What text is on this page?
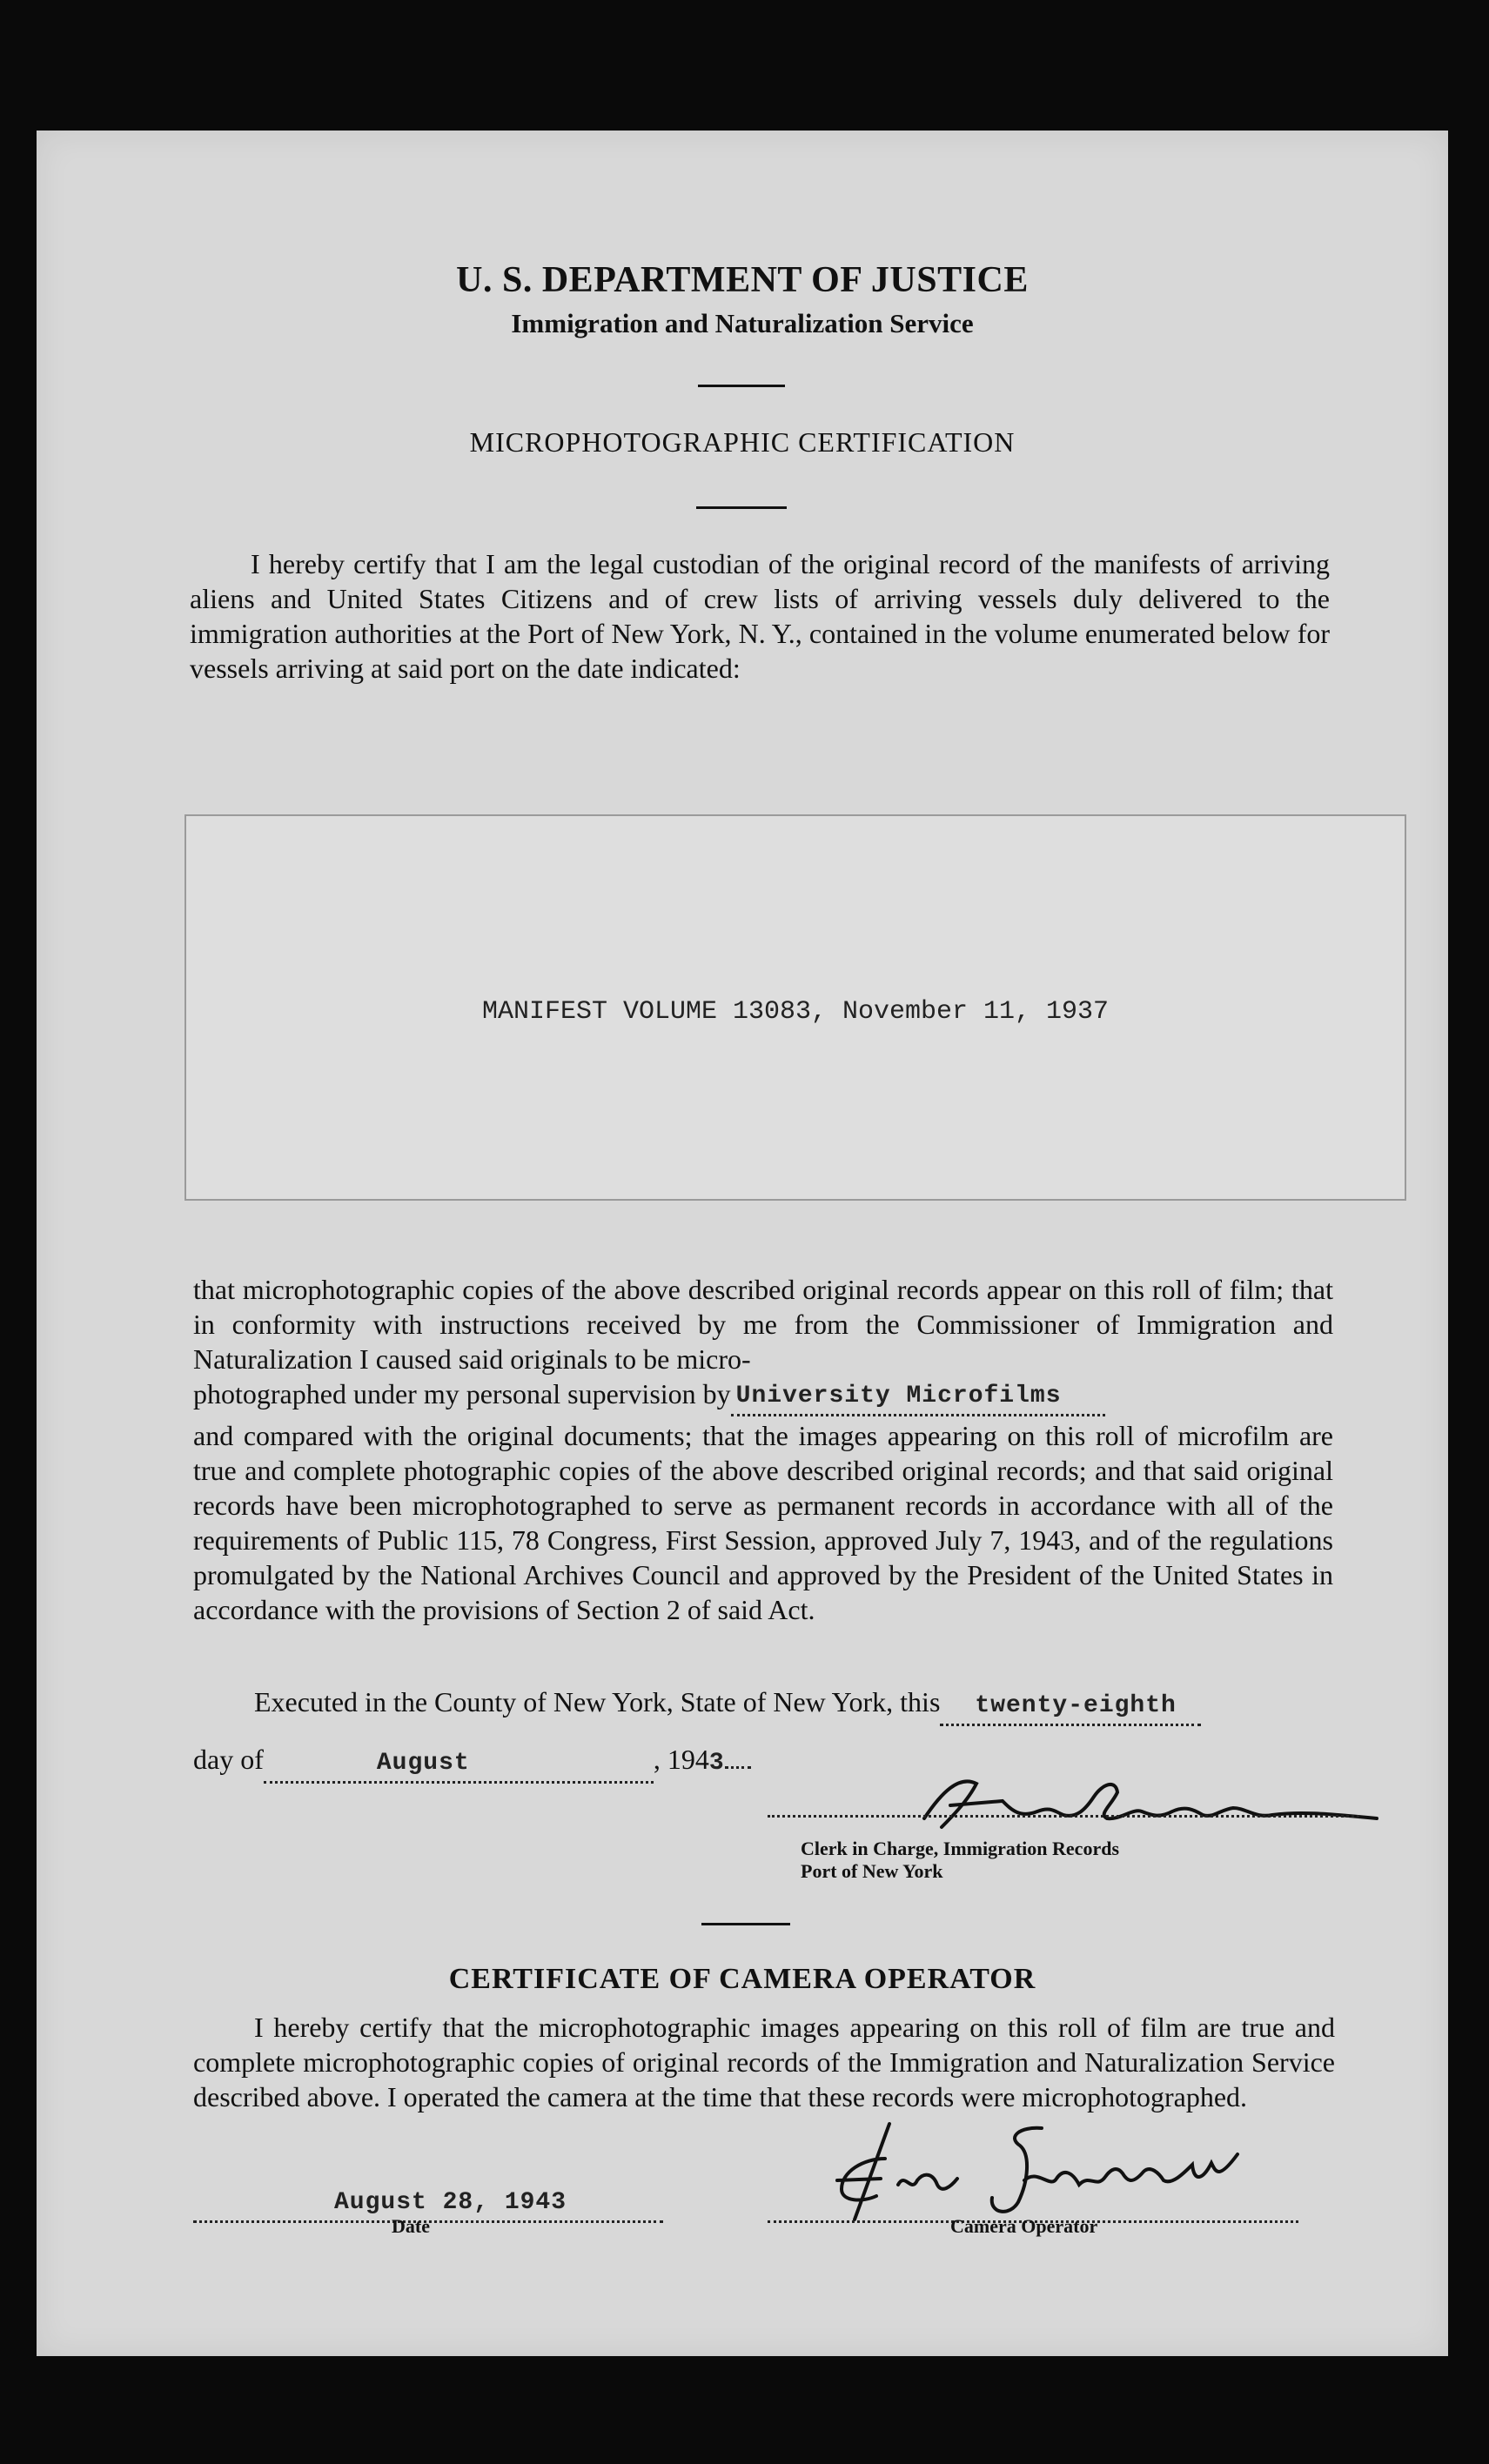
U. S. DEPARTMENT OF JUSTICE
Immigration and Naturalization Service
MICROPHOTOGRAPHIC CERTIFICATION

I hereby certify that I am the legal custodian of the original record of the manifests of arriving aliens and United States Citizens and of crew lists of arriving vessels duly delivered to the immigration authorities at the Port of New York, N. Y., contained in the volume enumerated below for vessels arriving at said port on the date indicated:

MANIFEST VOLUME 13083, November 11, 1937

that microphotographic copies of the above described original records appear on this roll of film; that in conformity with instructions received by me from the Commissioner of Immigration and Naturalization I caused said originals to be micro-

photographed under my personal supervision by University Microfilms

and compared with the original documents; that the images appearing on this roll of microfilm are true and complete photographic copies of the above described original records; and that said original records have been microphotographed to serve as permanent records in accordance with all of the requirements of Public 115, 78 Congress, First Session, approved July 7, 1943, and of the regulations promulgated by the National Archives Council and approved by the President of the United States in accordance with the provisions of Section 2 of said Act.

Executed in the County of New York, State of New York, this twenty-eighth
day of	August	, 1943
Clerk in Charge, Immigration Records
Port of New York
CERTIFICATE OF CAMERA OPERATOR

I hereby certify that the microphotographic images appearing on this roll of film are true and complete microphotographic copies of original records of the Immigration and Naturalization Service described above. I operated the camera at the time that these records were microphotographed.

August 28, 1943
Date	Camera Operator
